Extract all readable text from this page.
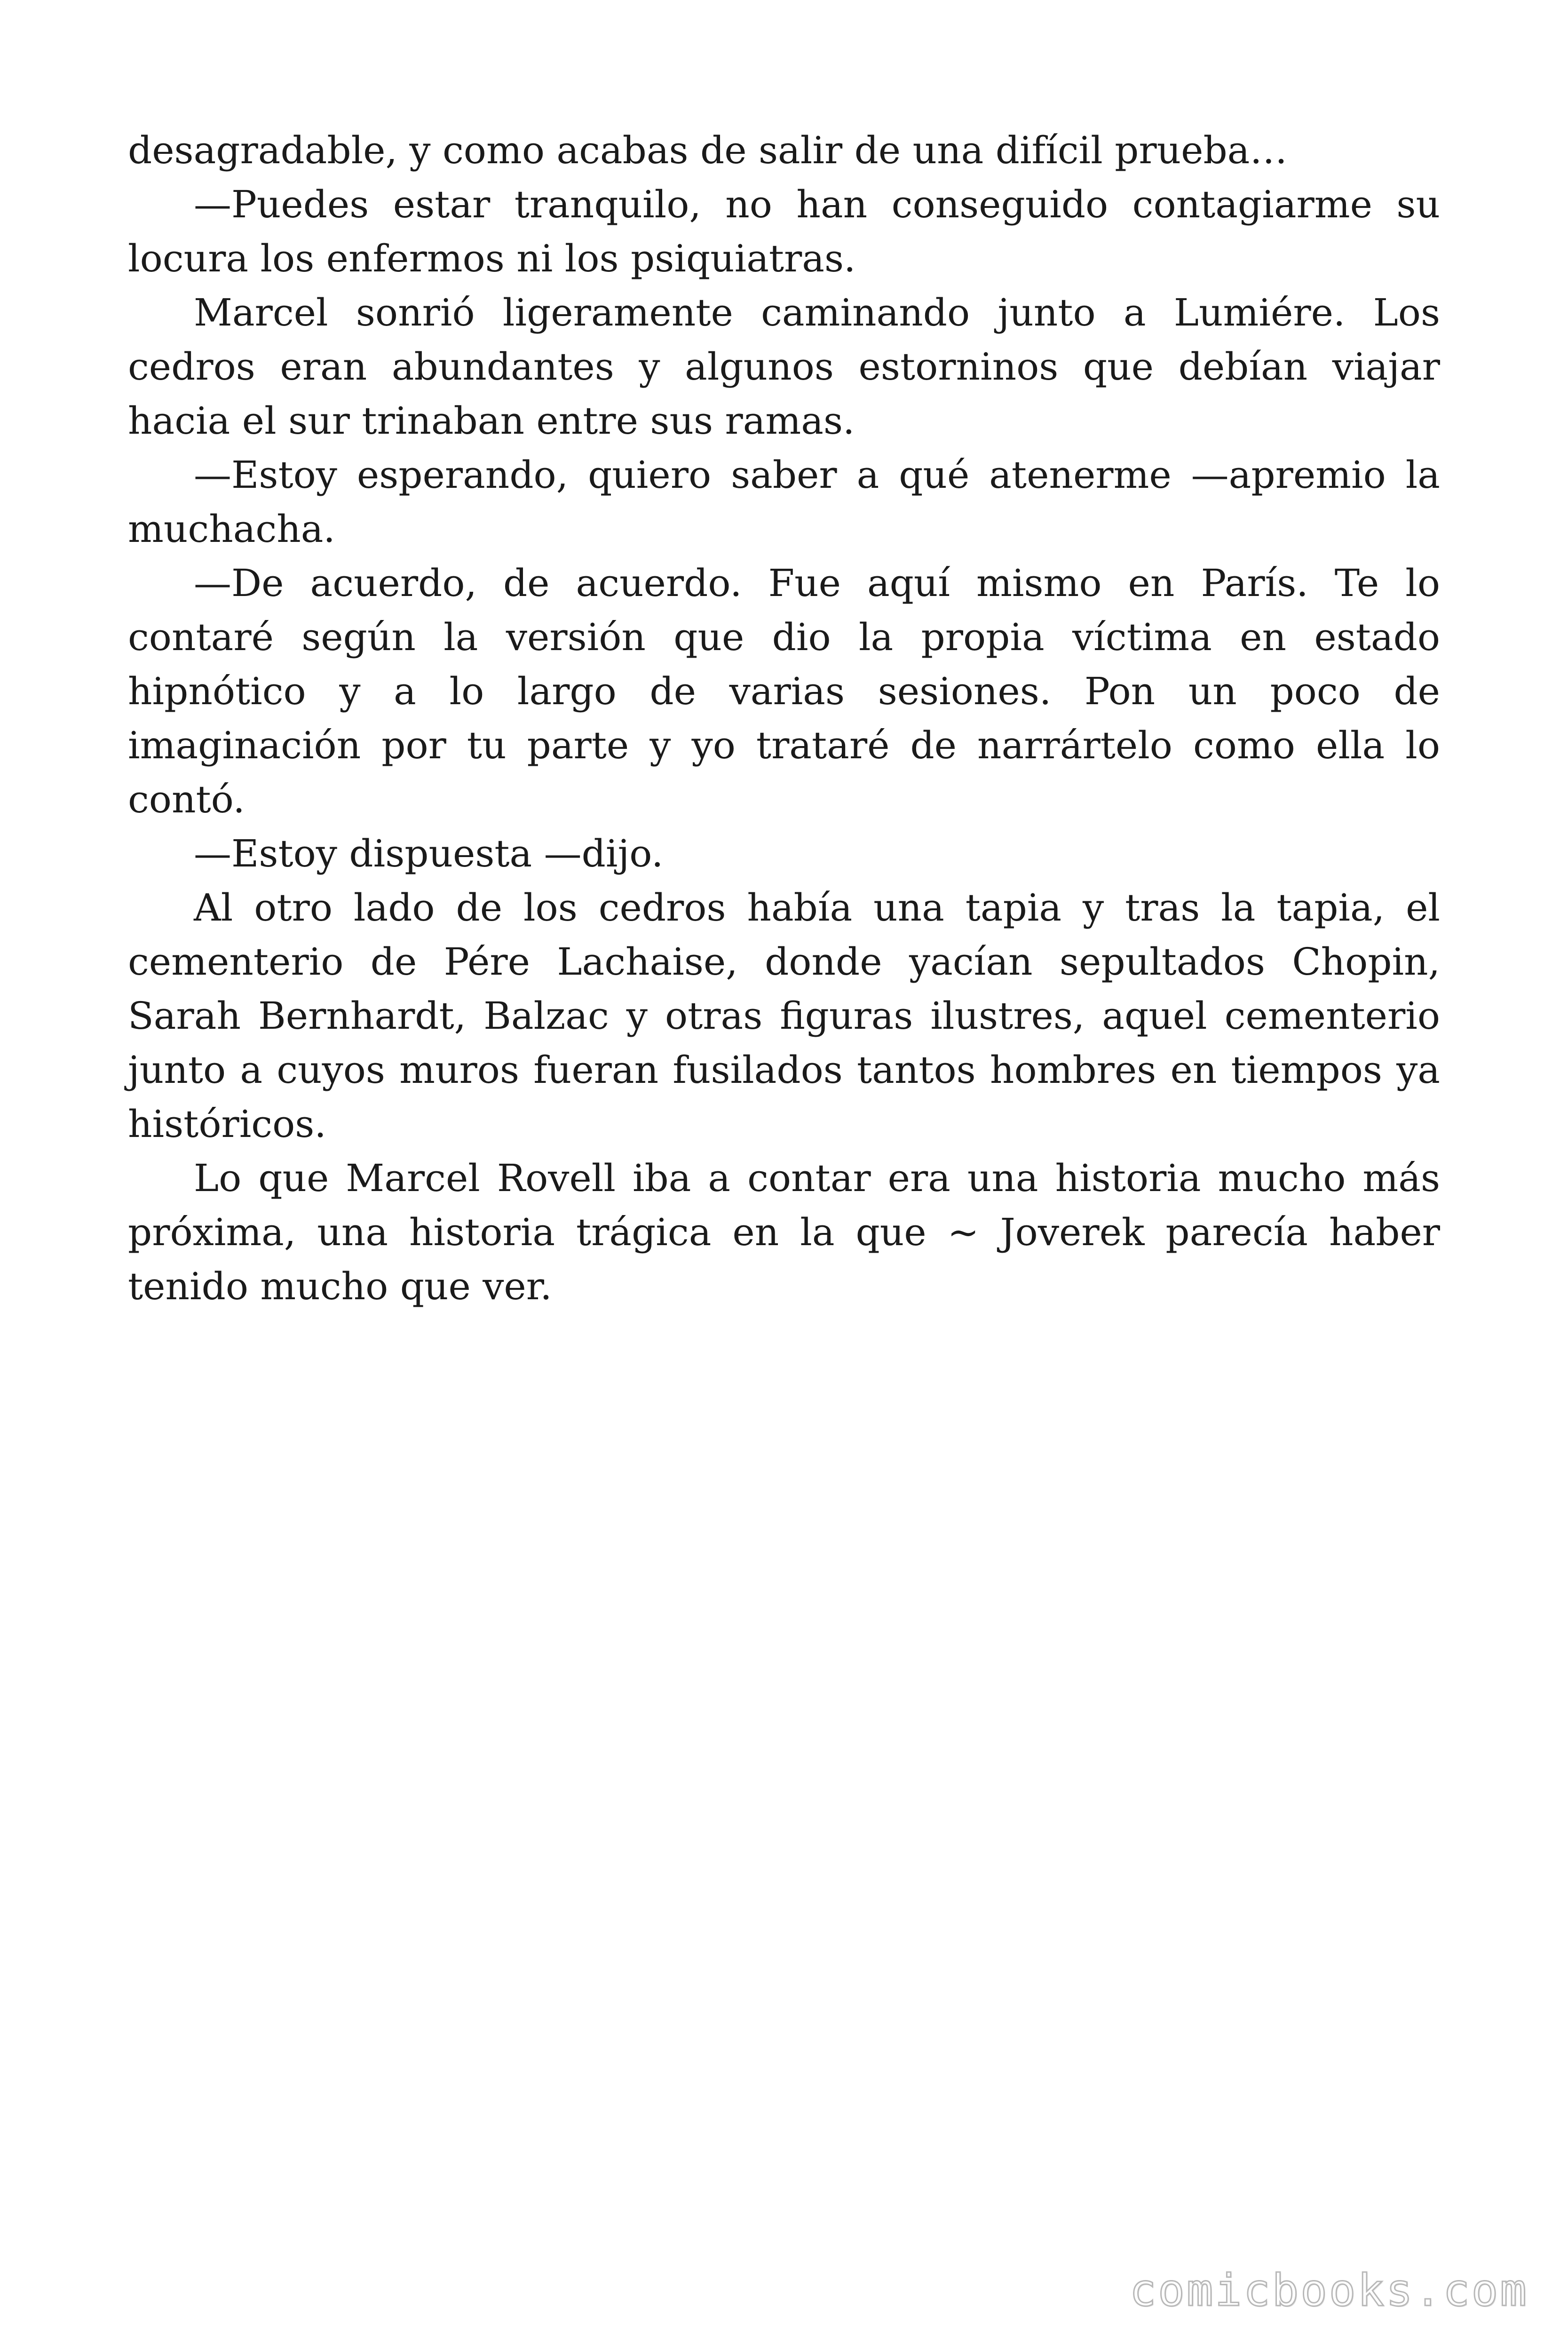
desagradable, y como acabas de salir de una difícil prueba…

—Puedes estar tranquilo, no han conseguido contagiarme su locura los enfermos ni los psiquiatras.

Marcel sonrió ligeramente caminando junto a Lumiére. Los cedros eran abundantes y algunos estorninos que debían viajar hacia el sur trinaban entre sus ramas.

—Estoy esperando, quiero saber a qué atenerme —apremio la muchacha.

—De acuerdo, de acuerdo. Fue aquí mismo en París. Te lo contaré según la versión que dio la propia víctima en estado hipnótico y a lo largo de varias sesiones. Pon un poco de imaginación por tu parte y yo trataré de narrártelo como ella lo contó.

—Estoy dispuesta —dijo.

Al otro lado de los cedros había una tapia y tras la tapia, el cementerio de Pére Lachaise, donde yacían sepultados Chopin, Sarah Bernhardt, Balzac y otras figuras ilustres, aquel cementerio junto a cuyos muros fueran fusilados tantos hombres en tiempos ya históricos.

Lo que Marcel Rovell iba a contar era una historia mucho más próxima, una historia trágica en la que ~ Joverek parecía haber tenido mucho que ver.

comicbooks.com
